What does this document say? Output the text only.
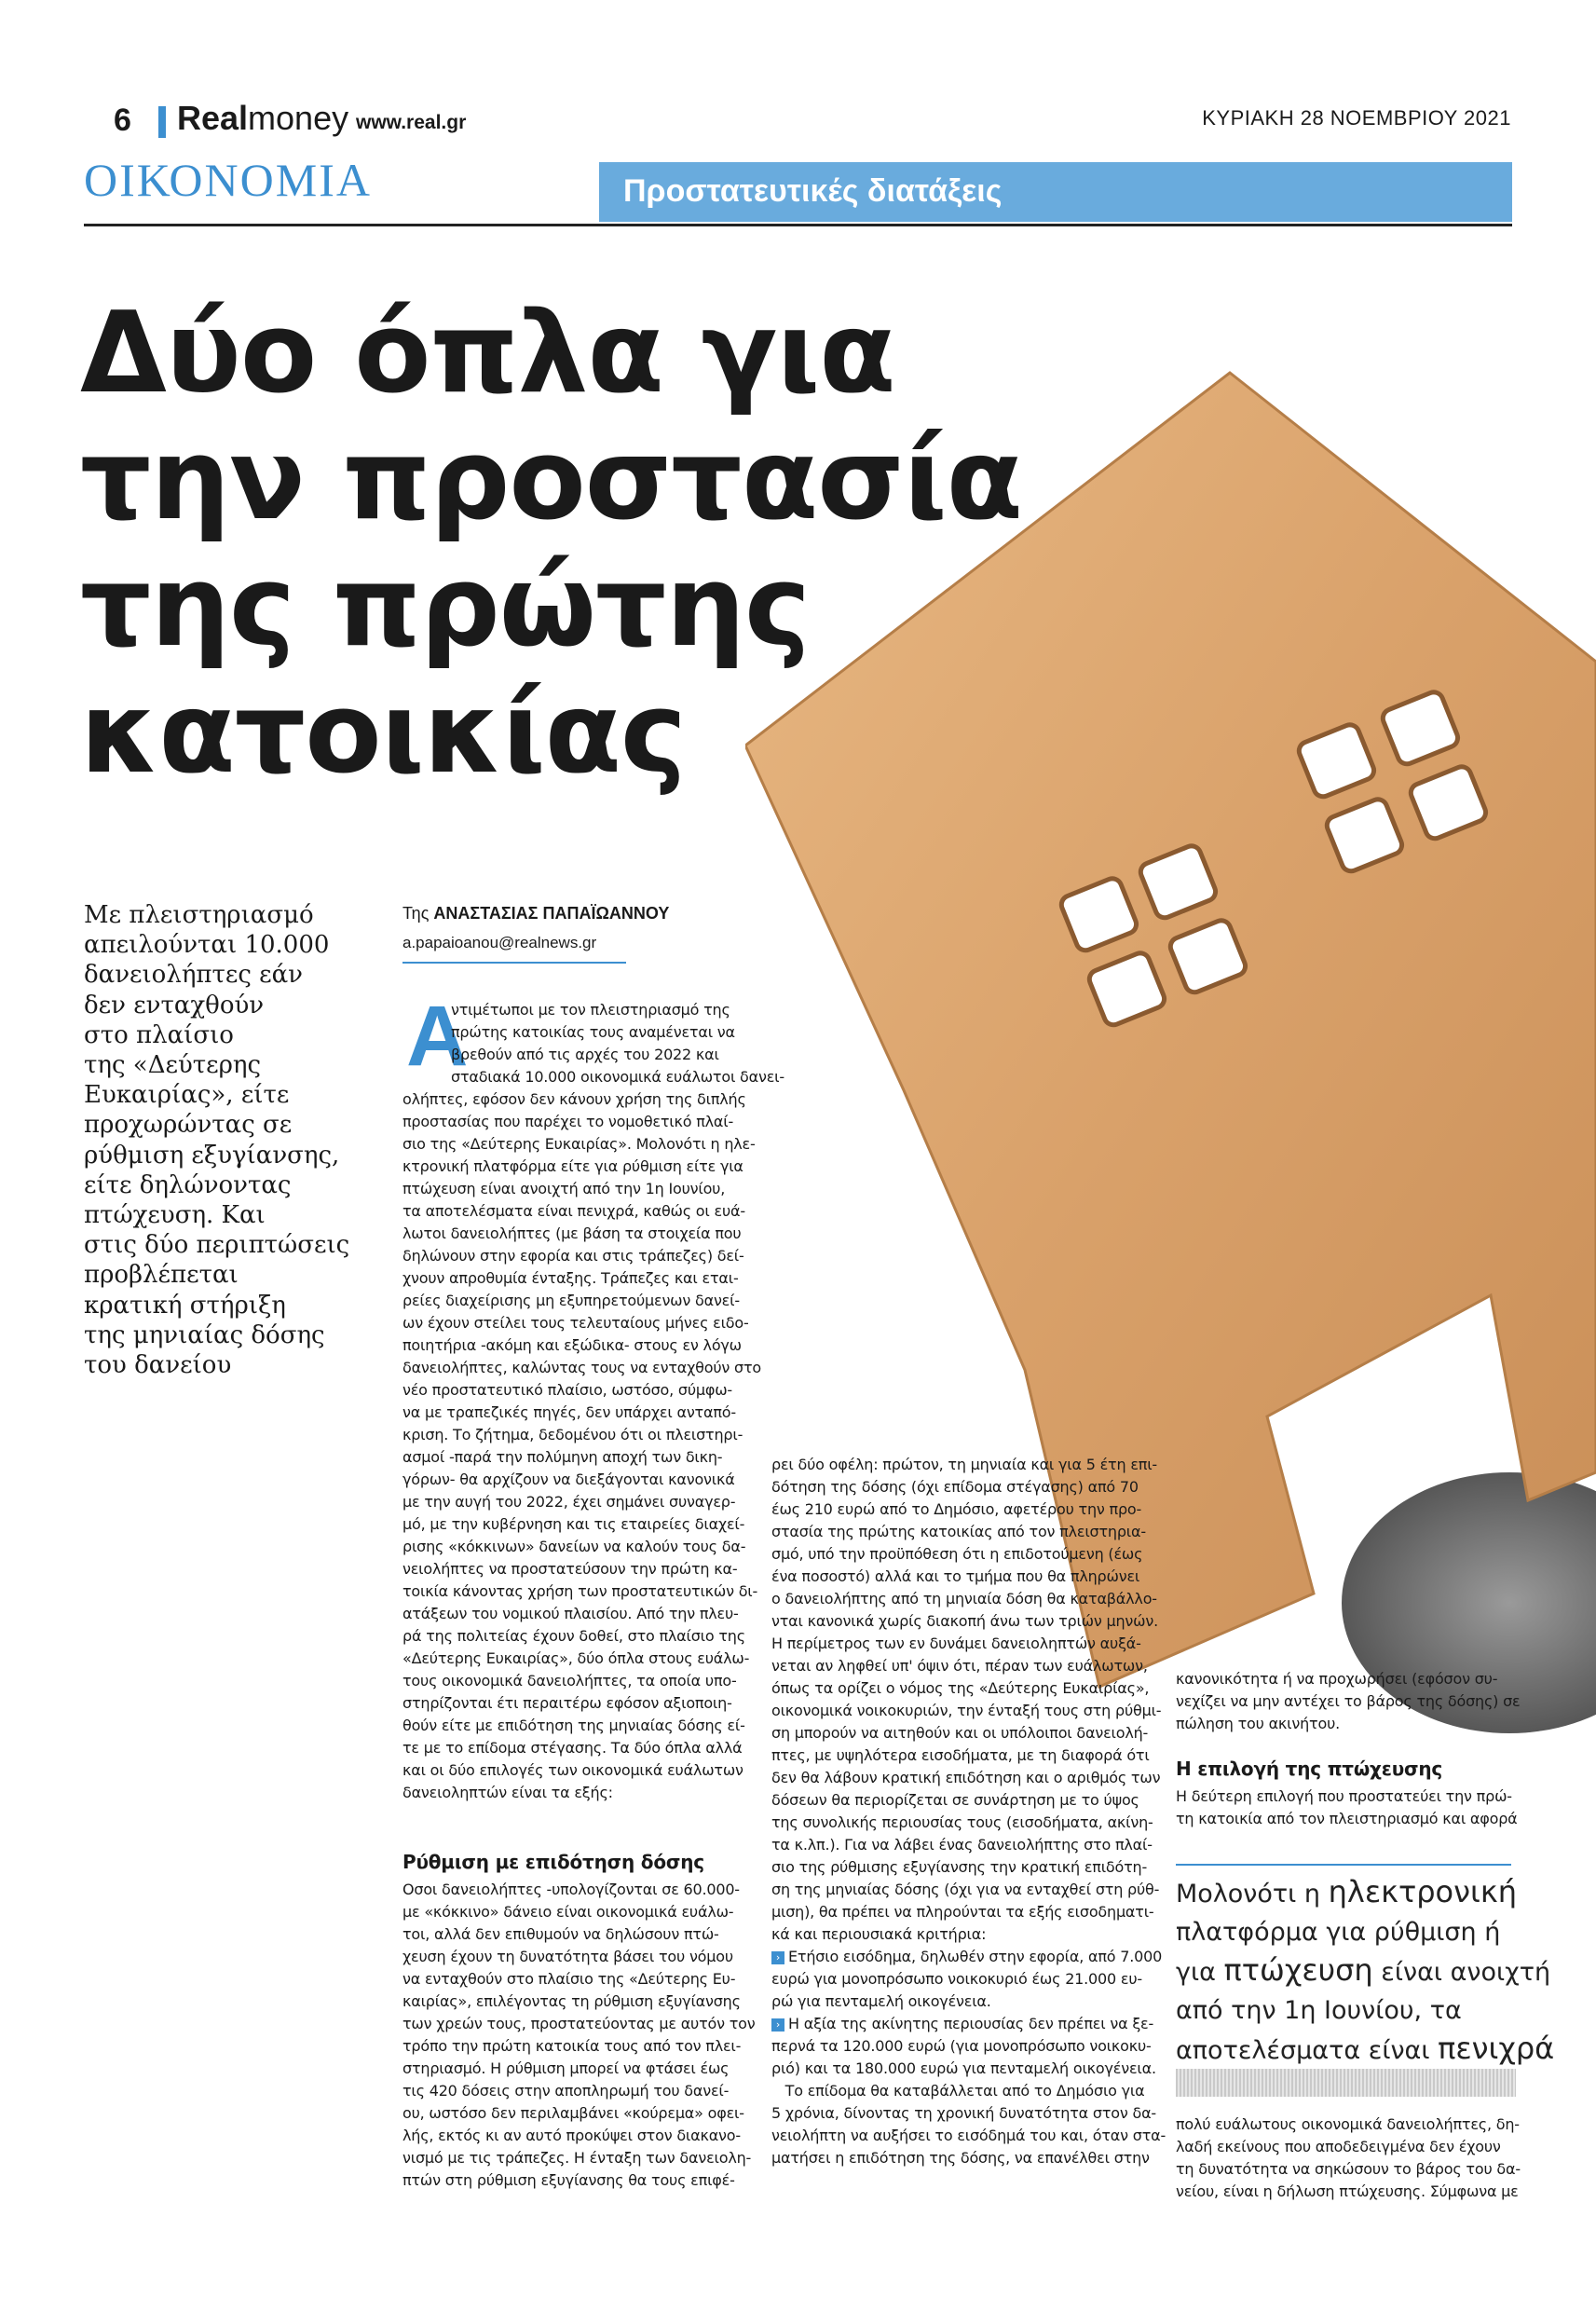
6 Realmoney www.real.gr	ΚΥΡΙΑΚΗ 28 ΝΟΕΜΒΡΙΟΥ 2021
ΟΙΚΟΝΟΜΙΑ	Προστατευτικές διατάξεις
Δύο όπλα για
την προστασία
της πρώτης
κατοικίας
Με πλειστηριασμό
απειλούνται 10.000
δανειολήπτες εάν
δεν ενταχθούν
στο πλαίσιο
της «Δεύτερης
Ευκαιρίας», είτε
προχωρώντας σε
ρύθμιση εξυγίανσης,
είτε δηλώνοντας
πτώχευση. Και
στις δύο περιπτώσεις
προβλέπεται
κρατική στήριξη
της μηνιαίας δόσης
του δανείου
Της ΑΝΑΣΤΑΣΙΑΣ ΠΑΠΑΪΩΑΝΝΟΥ
a.papaioanou@realnews.gr
Α
ντιμέτωποι με τον πλειστηριασμό της
πρώτης κατοικίας τους αναμένεται να
βρεθούν από τις αρχές του 2022 και
σταδιακά 10.000 οικονομικά ευάλωτοι δανει-
ολήπτες, εφόσον δεν κάνουν χρήση της διπλής
προστασίας που παρέχει το νομοθετικό πλαί-
σιο της «Δεύτερης Ευκαιρίας». Μολονότι η ηλε-
κτρονική πλατφόρμα είτε για ρύθμιση είτε για
πτώχευση είναι ανοιχτή από την 1η Ιουνίου,
τα αποτελέσματα είναι πενιχρά, καθώς οι ευά-
λωτοι δανειολήπτες (με βάση τα στοιχεία που
δηλώνουν στην εφορία και στις τράπεζες) δεί-
χνουν απροθυμία ένταξης. Τράπεζες και εται-
ρείες διαχείρισης μη εξυπηρετούμενων δανεί-
ων έχουν στείλει τους τελευταίους μήνες ειδο-
ποιητήρια -ακόμη και εξώδικα- στους εν λόγω
δανειολήπτες, καλώντας τους να ενταχθούν στο
νέο προστατευτικό πλαίσιο, ωστόσο, σύμφω-
να με τραπεζικές πηγές, δεν υπάρχει ανταπό-
κριση. Το ζήτημα, δεδομένου ότι οι πλειστηρι-
ασμοί -παρά την πολύμηνη αποχή των δικη-
γόρων- θα αρχίζουν να διεξάγονται κανονικά
με την αυγή του 2022, έχει σημάνει συναγερ-
μό, με την κυβέρνηση και τις εταιρείες διαχεί-
ρισης «κόκκινων» δανείων να καλούν τους δα-
νειολήπτες να προστατεύσουν την πρώτη κα-
τοικία κάνοντας χρήση των προστατευτικών δι-
ατάξεων του νομικού πλαισίου. Από την πλευ-
ρά της πολιτείας έχουν δοθεί, στο πλαίσιο της
«Δεύτερης Ευκαιρίας», δύο όπλα στους ευάλω-
τους οικονομικά δανειολήπτες, τα οποία υπο-
στηρίζονται έτι περαιτέρω εφόσον αξιοποιη-
θούν είτε με επιδότηση της μηνιαίας δόσης εί-
τε με το επίδομα στέγασης. Τα δύο όπλα αλλά
και οι δύο επιλογές των οικονομικά ευάλωτων
δανειοληπτών είναι τα εξής:
Ρύθμιση με επιδότηση δόσης
Οσοι δανειολήπτες -υπολογίζονται σε 60.000-
με «κόκκινο» δάνειο είναι οικονομικά ευάλω-
τοι, αλλά δεν επιθυμούν να δηλώσουν πτώ-
χευση έχουν τη δυνατότητα βάσει του νόμου
να ενταχθούν στο πλαίσιο της «Δεύτερης Ευ-
καιρίας», επιλέγοντας τη ρύθμιση εξυγίανσης
των χρεών τους, προστατεύοντας με αυτόν τον
τρόπο την πρώτη κατοικία τους από τον πλει-
στηριασμό. Η ρύθμιση μπορεί να φτάσει έως
τις 420 δόσεις στην αποπληρωμή του δανεί-
ου, ωστόσο δεν περιλαμβάνει «κούρεμα» οφει-
λής, εκτός κι αν αυτό προκύψει στον διακανο-
νισμό με τις τράπεζες. Η ένταξη των δανειολη-
πτών στη ρύθμιση εξυγίανσης θα τους επιφέ-
ρει δύο οφέλη: πρώτον, τη μηνιαία και για 5 έτη επι-
δότηση της δόσης (όχι επίδομα στέγασης) από 70
έως 210 ευρώ από το Δημόσιο, αφετέρου την προ-
στασία της πρώτης κατοικίας από τον πλειστηρια-
σμό, υπό την προϋπόθεση ότι η επιδοτούμενη (έως
ένα ποσοστό) αλλά και το τμήμα που θα πληρώνει
ο δανειολήπτης από τη μηνιαία δόση θα καταβάλλο-
νται κανονικά χωρίς διακοπή άνω των τριών μηνών.
Η περίμετρος των εν δυνάμει δανειοληπτών αυξά-
νεται αν ληφθεί υπ' όψιν ότι, πέραν των ευάλωτων,
όπως τα ορίζει ο νόμος της «Δεύτερης Ευκαιρίας»,
οικονομικά νοικοκυριών, την ένταξή τους στη ρύθμι-
ση μπορούν να αιτηθούν και οι υπόλοιποι δανειολή-
πτες, με υψηλότερα εισοδήματα, με τη διαφορά ότι
δεν θα λάβουν κρατική επιδότηση και ο αριθμός των
δόσεων θα περιορίζεται σε συνάρτηση με το ύψος
της συνολικής περιουσίας τους (εισοδήματα, ακίνη-
τα κ.λπ.). Για να λάβει ένας δανειολήπτης στο πλαί-
σιο της ρύθμισης εξυγίανσης την κρατική επιδότη-
ση της μηνιαίας δόσης (όχι για να ενταχθεί στη ρύθ-
μιση), θα πρέπει να πληρούνται τα εξής εισοδηματι-
κά και περιουσιακά κριτήρια:
› Ετήσιο εισόδημα, δηλωθέν στην εφορία, από 7.000
ευρώ για μονοπρόσωπο νοικοκυριό έως 21.000 ευ-
ρώ για πενταμελή οικογένεια.
› Η αξία της ακίνητης περιουσίας δεν πρέπει να ξε-
περνά τα 120.000 ευρώ (για μονοπρόσωπο νοικοκυ-
ριό) και τα 180.000 ευρώ για πενταμελή οικογένεια.
Το επίδομα θα καταβάλλεται από το Δημόσιο για
5 χρόνια, δίνοντας τη χρονική δυνατότητα στον δα-
νειολήπτη να αυξήσει το εισόδημά του και, όταν στα-
ματήσει η επιδότηση της δόσης, να επανέλθει στην
κανονικότητα ή να προχωρήσει (εφόσον συ-
νεχίζει να μην αντέχει το βάρος της δόσης) σε
πώληση του ακινήτου.
Η επιλογή της πτώχευσης
Η δεύτερη επιλογή που προστατεύει την πρώ-
τη κατοικία από τον πλειστηριασμό και αφορά
Μολονότι η ηλεκτρονική
πλατφόρμα για ρύθμιση ή
για πτώχευση είναι ανοιχτή
από την 1η Ιουνίου, τα
αποτελέσματα είναι πενιχρά
πολύ ευάλωτους οικονομικά δανειολήπτες, δη-
λαδή εκείνους που αποδεδειγμένα δεν έχουν
τη δυνατότητα να σηκώσουν το βάρος του δα-
νείου, είναι η δήλωση πτώχευσης. Σύμφωνα με
